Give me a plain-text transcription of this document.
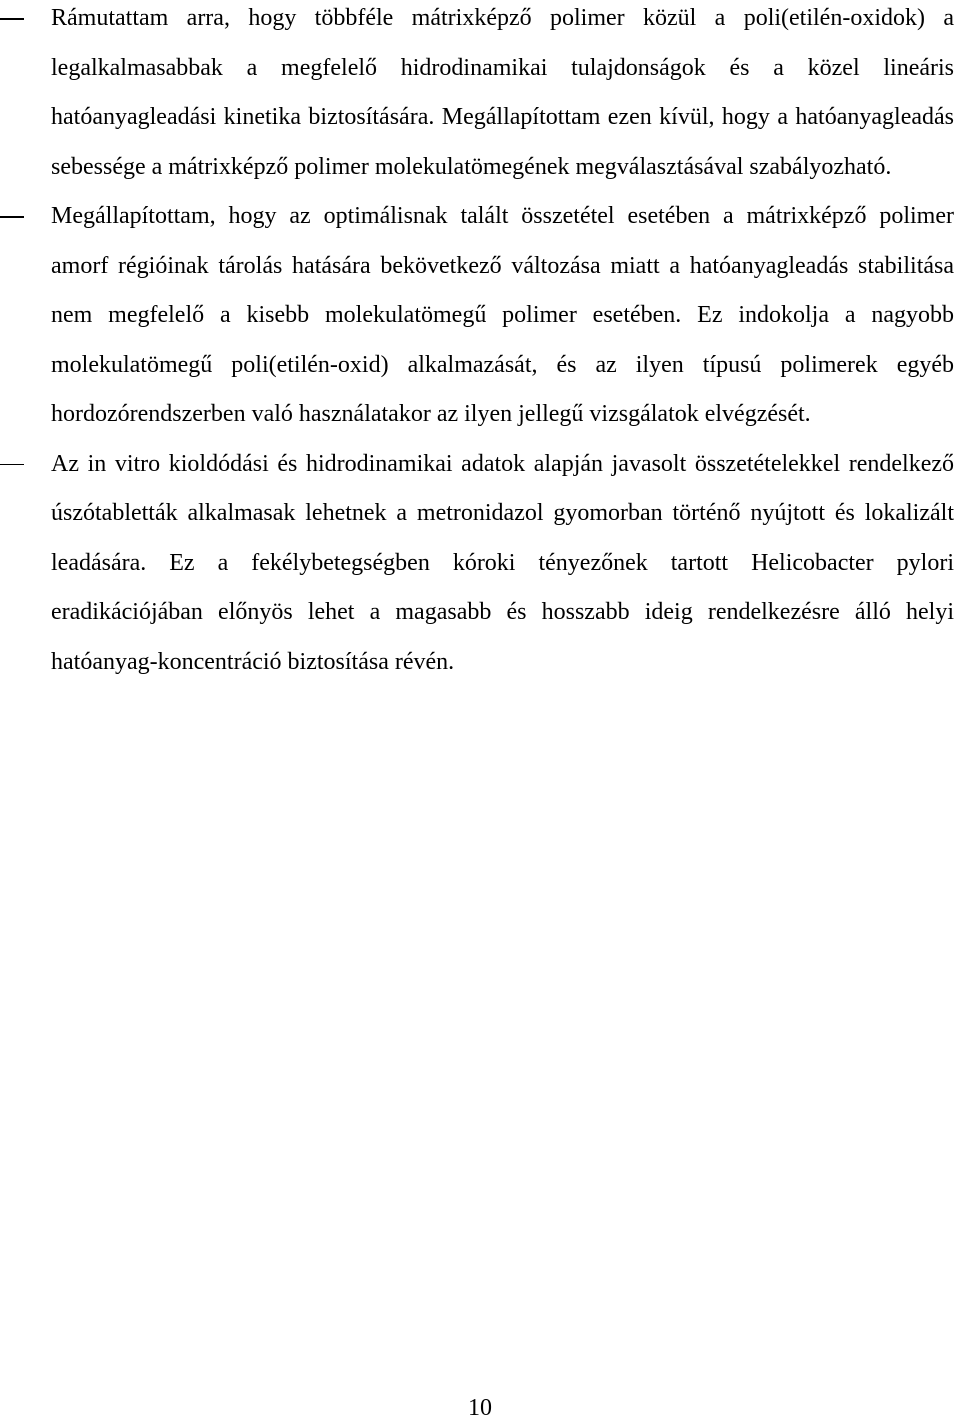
Rámutattam arra, hogy többféle mátrixképző polimer közül a poli(etilén-oxidok) a legalkalmasabbak a megfelelő hidrodinamikai tulajdonságok és a közel lineáris hatóanyagleadási kinetika biztosítására. Megállapítottam ezen kívül, hogy a hatóanyagleadás sebessége a mátrixképző polimer molekulatömegének megválasztásával szabályozható.
Megállapítottam, hogy az optimálisnak talált összetétel esetében a mátrixképző polimer amorf régióinak tárolás hatására bekövetkező változása miatt a hatóanyagleadás stabilitása nem megfelelő a kisebb molekulatömegű polimer esetében. Ez indokolja a nagyobb molekulatömegű poli(etilén-oxid) alkalmazását, és az ilyen típusú polimerek egyéb hordozórendszerben való használatakor az ilyen jellegű vizsgálatok elvégzését.
Az in vitro kioldódási és hidrodinamikai adatok alapján javasolt összetételekkel rendelkező úszótabletták alkalmasak lehetnek a metronidazol gyomorban történő nyújtott és lokalizált leadására. Ez a fekélybetegségben kóroki tényezőnek tartott Helicobacter pylori eradikációjában előnyös lehet a magasabb és hosszabb ideig rendelkezésre álló helyi hatóanyag-koncentráció biztosítása révén.
10
